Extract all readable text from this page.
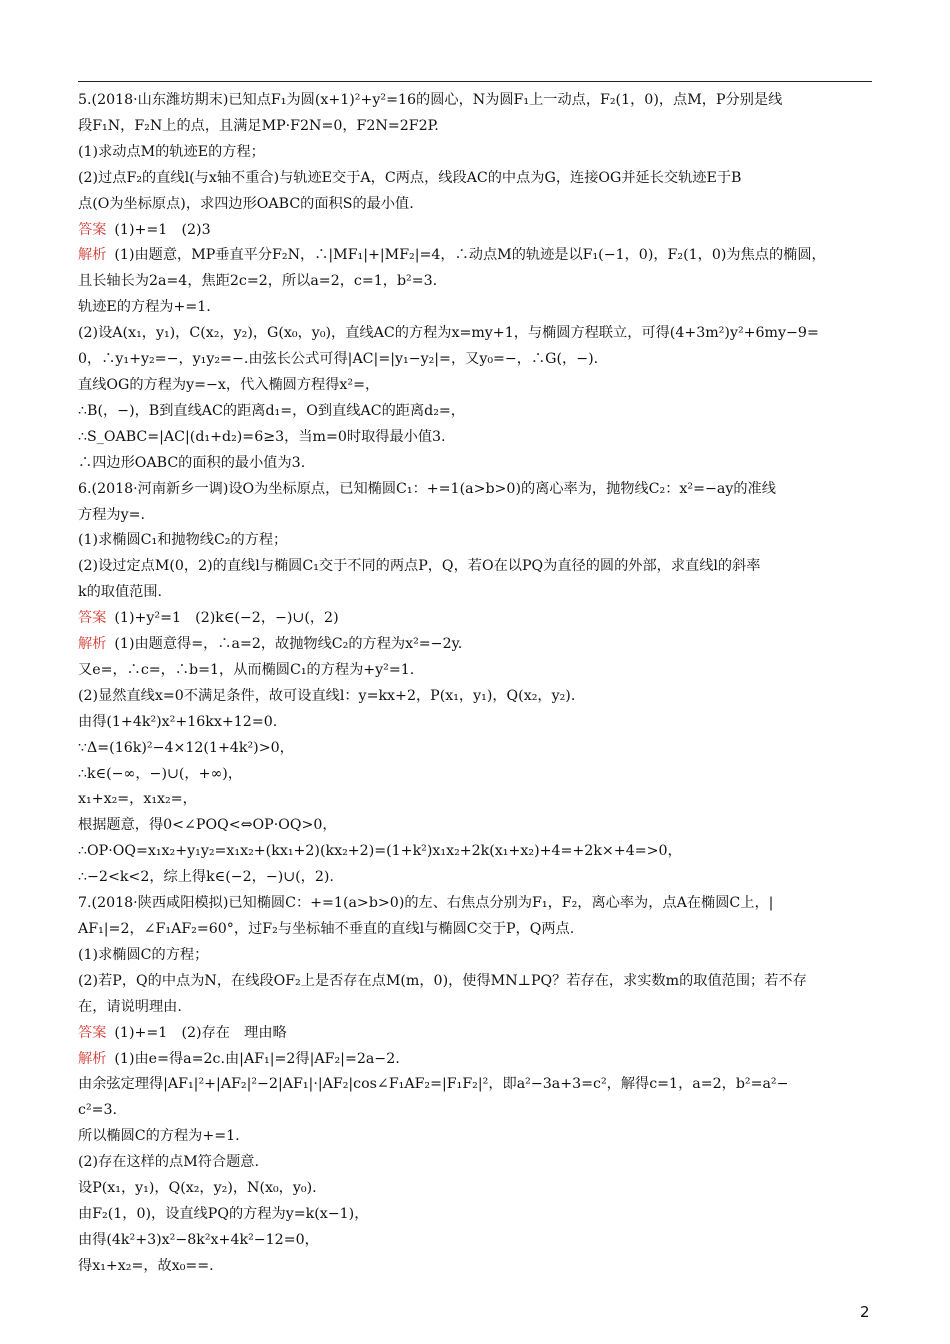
5.(2018·山东潍坊期末)已知点F₁为圆(x+1)²+y²=16的圆心，N为圆F₁上一动点，F₂(1，0)，点M，P分别是线
段F₁N，F₂N上的点，且满足MP·F2N=0，F2N=2F2P.
(1)求动点M的轨迹E的方程；
(2)过点F₂的直线l(与x轴不重合)与轨迹E交于A，C两点，线段AC的中点为G，连接OG并延长交轨迹E于B
点(O为坐标原点)，求四边形OABC的面积S的最小值.
答案 (1)+=1　(2)3
解析 (1)由题意，MP垂直平分F₂N，∴|MF₁|+|MF₂|=4，∴动点M的轨迹是以F₁(−1，0)，F₂(1，0)为焦点的椭圆，
且长轴长为2a=4，焦距2c=2，所以a=2，c=1，b²=3.
轨迹E的方程为+=1.
(2)设A(x₁，y₁)，C(x₂，y₂)，G(x₀，y₀)，直线AC的方程为x=my+1，与椭圆方程联立，可得(4+3m²)y²+6my−9=
0，∴y₁+y₂=−，y₁y₂=−.由弦长公式可得|AC|=|y₁−y₂|=，又y₀=−，∴G(，−).
直线OG的方程为y=−x，代入椭圆方程得x²=，
∴B(，−)，B到直线AC的距离d₁=，O到直线AC的距离d₂=，
∴S_OABC=|AC|(d₁+d₂)=6≥3，当m=0时取得最小值3.
∴四边形OABC的面积的最小值为3.
6.(2018·河南新乡一调)设O为坐标原点，已知椭圆C₁：+=1(a>b>0)的离心率为，抛物线C₂：x²=−ay的准线
方程为y=.
(1)求椭圆C₁和抛物线C₂的方程；
(2)设过定点M(0，2)的直线l与椭圆C₁交于不同的两点P，Q，若O在以PQ为直径的圆的外部，求直线l的斜率
k的取值范围.
答案 (1)+y²=1　(2)k∈(−2，−)∪(，2)
解析 (1)由题意得=，∴a=2，故抛物线C₂的方程为x²=−2y.
又e=，∴c=，∴b=1，从而椭圆C₁的方程为+y²=1.
(2)显然直线x=0不满足条件，故可设直线l：y=kx+2，P(x₁，y₁)，Q(x₂，y₂).
由得(1+4k²)x²+16kx+12=0.
∵Δ=(16k)²−4×12(1+4k²)>0，
∴k∈(−∞，−)∪(，+∞)，
x₁+x₂=，x₁x₂=，
根据题意，得0<∠POQ<⇔OP·OQ>0，
∴OP·OQ=x₁x₂+y₁y₂=x₁x₂+(kx₁+2)(kx₂+2)=(1+k²)x₁x₂+2k(x₁+x₂)+4=+2k×+4=>0，
∴−2<k<2，综上得k∈(−2，−)∪(，2).
7.(2018·陕西咸阳模拟)已知椭圆C：+=1(a>b>0)的左、右焦点分别为F₁，F₂，离心率为，点A在椭圆C上，|
AF₁|=2，∠F₁AF₂=60°，过F₂与坐标轴不垂直的直线l与椭圆C交于P，Q两点.
(1)求椭圆C的方程；
(2)若P，Q的中点为N，在线段OF₂上是否存在点M(m，0)，使得MN⊥PQ？若存在，求实数m的取值范围；若不存
在，请说明理由.
答案 (1)+=1　(2)存在　理由略
解析 (1)由e=得a=2c.由|AF₁|=2得|AF₂|=2a−2.
由余弦定理得|AF₁|²+|AF₂|²−2|AF₁|·|AF₂|cos∠F₁AF₂=|F₁F₂|²，即a²−3a+3=c²，解得c=1，a=2，b²=a²−
c²=3.
所以椭圆C的方程为+=1.
(2)存在这样的点M符合题意.
设P(x₁，y₁)，Q(x₂，y₂)，N(x₀，y₀).
由F₂(1，0)，设直线PQ的方程为y=k(x−1)，
由得(4k²+3)x²−8k²x+4k²−12=0，
得x₁+x₂=，故x₀==.
2
